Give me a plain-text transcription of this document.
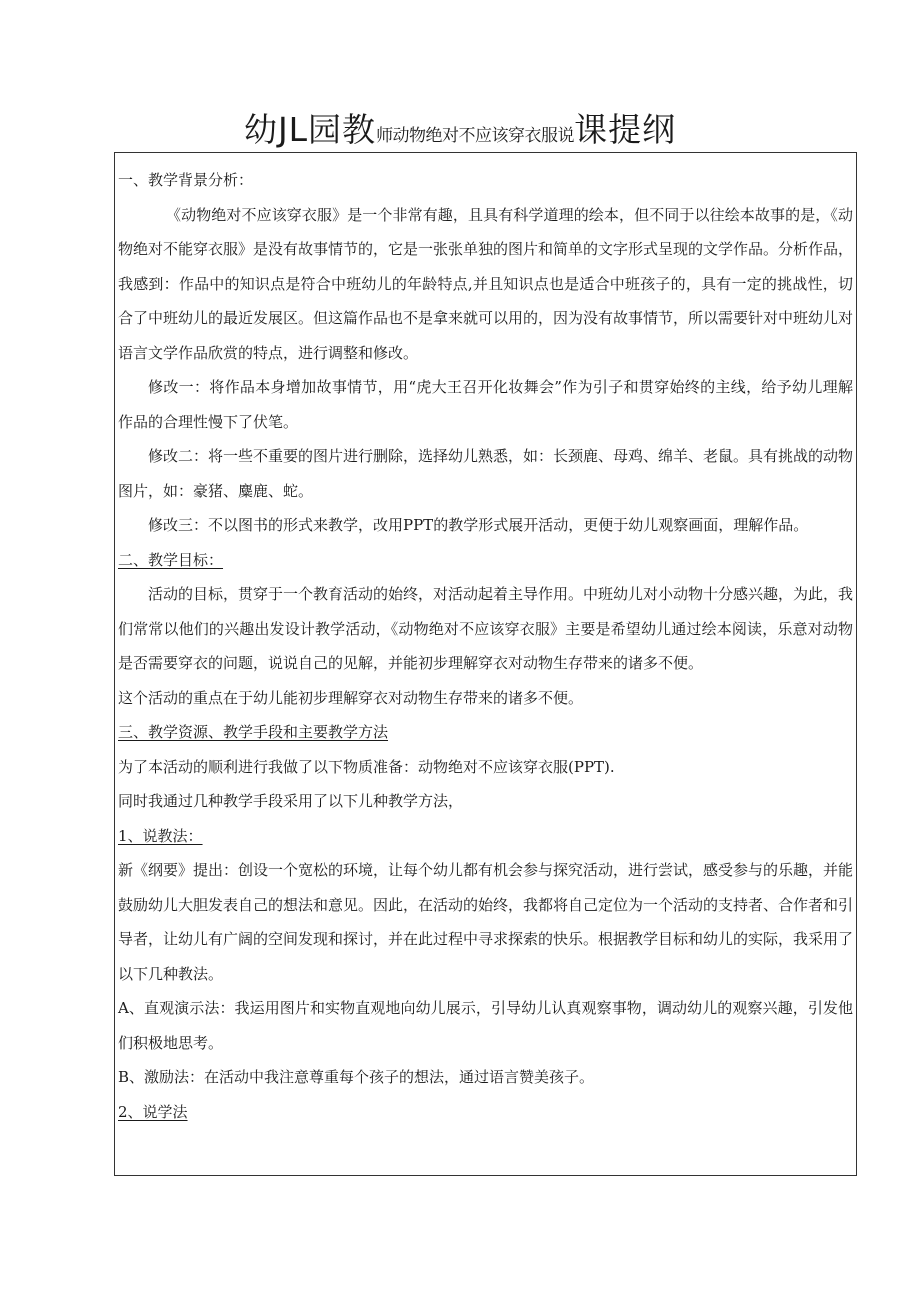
幼JL园教师动物绝对不应该穿衣服说课提纲

一、教学背景分析：

《动物绝对不应该穿衣服》是一个非常有趣，且具有科学道理的绘本，但不同于以往绘本故事的是，《动物绝对不能穿衣服》是没有故事情节的，它是一张张单独的图片和简单的文字形式呈现的文学作品。分析作品，我感到：作品中的知识点是符合中班幼儿的年龄特点,并且知识点也是适合中班孩子的，具有一定的挑战性，切合了中班幼儿的最近发展区。但这篇作品也不是拿来就可以用的，因为没有故事情节，所以需要针对中班幼儿对语言文学作品欣赏的特点，进行调整和修改。

修改一：将作品本身增加故事情节，用“虎大王召开化妆舞会”作为引子和贯穿始终的主线，给予幼儿理解作品的合理性慢下了伏笔。

修改二：将一些不重要的图片进行删除，选择幼儿熟悉，如：长颈鹿、母鸡、绵羊、老鼠。具有挑战的动物图片，如：豪猪、麋鹿、蛇。

修改三：不以图书的形式来教学，改用PPT的教学形式展开活动，更便于幼儿观察画面，理解作品。

二、教学目标：

活动的目标，贯穿于一个教育活动的始终，对活动起着主导作用。中班幼儿对小动物十分感兴趣，为此，我们常常以他们的兴趣出发设计教学活动，《动物绝对不应该穿衣服》主要是希望幼儿通过绘本阅读，乐意对动物是否需要穿衣的问题，说说自己的见解，并能初步理解穿衣对动物生存带来的诸多不便。

这个活动的重点在于幼儿能初步理解穿衣对动物生存带来的诸多不便。

三、教学资源、教学手段和主要教学方法

为了本活动的顺利进行我做了以下物质准备：动物绝对不应该穿衣服(PPT).

同时我通过几种教学手段采用了以下儿种教学方法，

1、说教法：

新《纲要》提出：创设一个宽松的环境，让每个幼儿都有机会参与探究活动，进行尝试，感受参与的乐趣，并能鼓励幼儿大胆发表自己的想法和意见。因此，在活动的始终，我都将自己定位为一个活动的支持者、合作者和引导者，让幼儿有广阔的空间发现和探讨，并在此过程中寻求探索的快乐。根据教学目标和幼儿的实际，我采用了以下几种教法。

A、直观演示法：我运用图片和实物直观地向幼儿展示，引导幼儿认真观察事物，调动幼儿的观察兴趣，引发他们积极地思考。

B、激励法：在活动中我注意尊重每个孩子的想法，通过语言赞美孩子。

2、说学法
